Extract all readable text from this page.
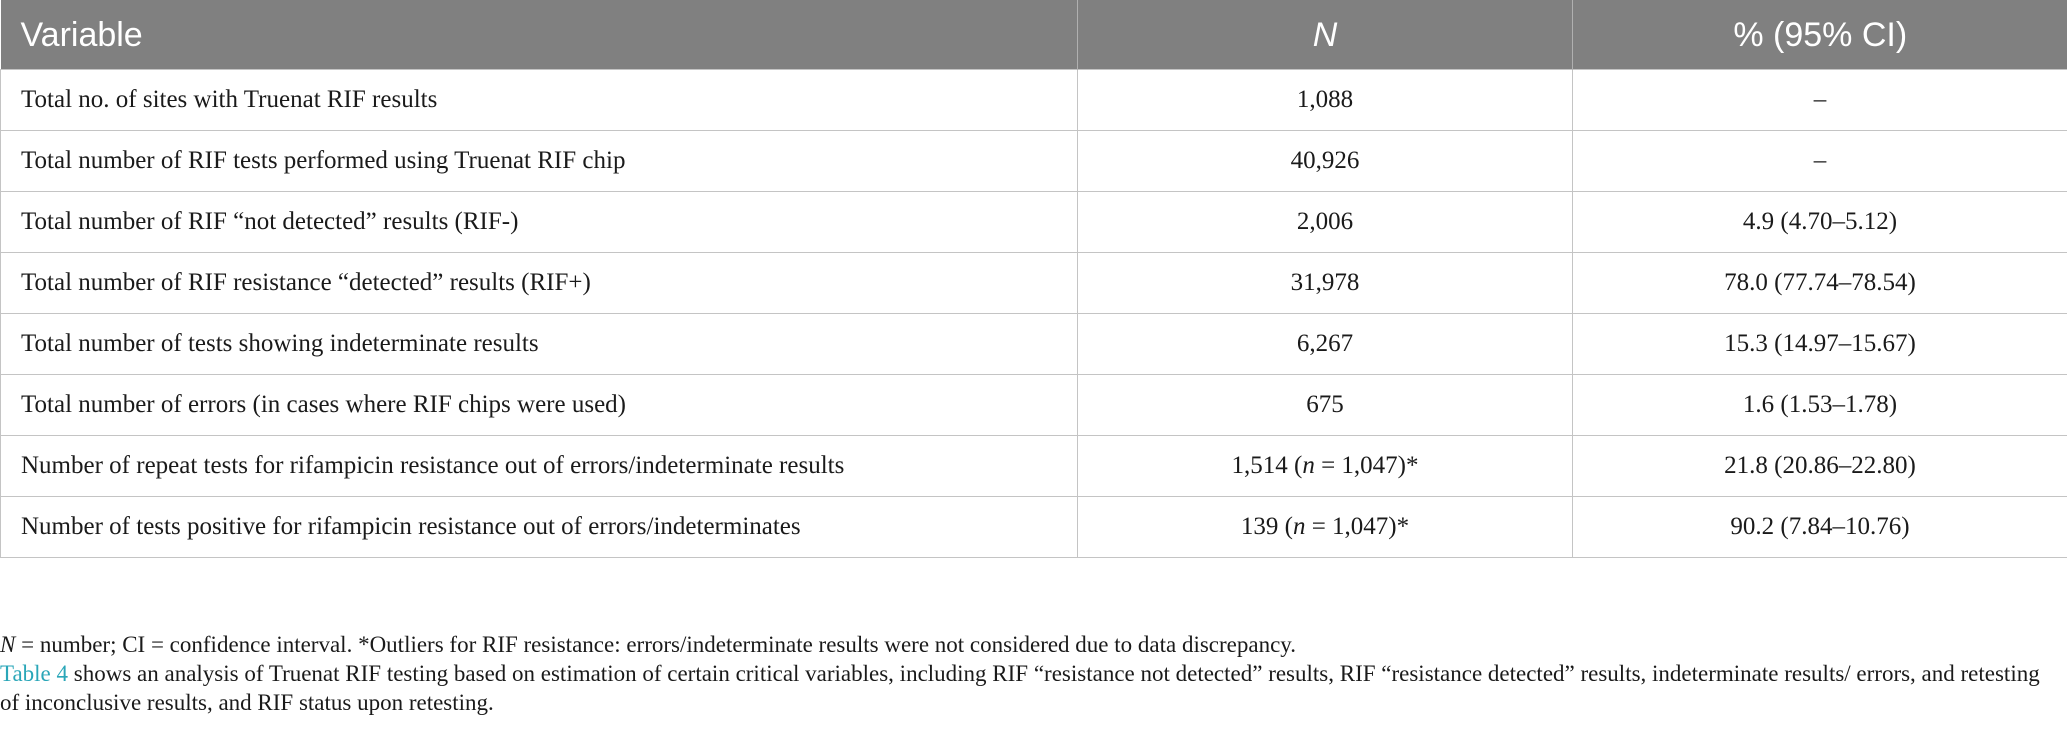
Variable	N	% (95% CI)
Total no. of sites with Truenat RIF results	1,088	–
Total number of RIF tests performed using Truenat RIF chip	40,926	–
Total number of RIF “not detected” results (RIF-)	2,006	4.9 (4.70–5.12)
Total number of RIF resistance “detected” results (RIF+)	31,978	78.0 (77.74–78.54)
Total number of tests showing indeterminate results	6,267	15.3 (14.97–15.67)
Total number of errors (in cases where RIF chips were used)	675	1.6 (1.53–1.78)
Number of repeat tests for rifampicin resistance out of errors/indeterminate results	1,514 (n = 1,047)*	21.8 (20.86–22.80)
Number of tests positive for rifampicin resistance out of errors/indeterminates	139 (n = 1,047)*	90.2 (7.84–10.76)

N = number; CI = confidence interval. *Outliers for RIF resistance: errors/indeterminate results were not considered due to data discrepancy.

Table 4 shows an analysis of Truenat RIF testing based on estimation of certain critical variables, including RIF “resistance not detected” results, RIF “resistance detected” results, indeterminate results/ errors, and retesting of inconclusive results, and RIF status upon retesting.
